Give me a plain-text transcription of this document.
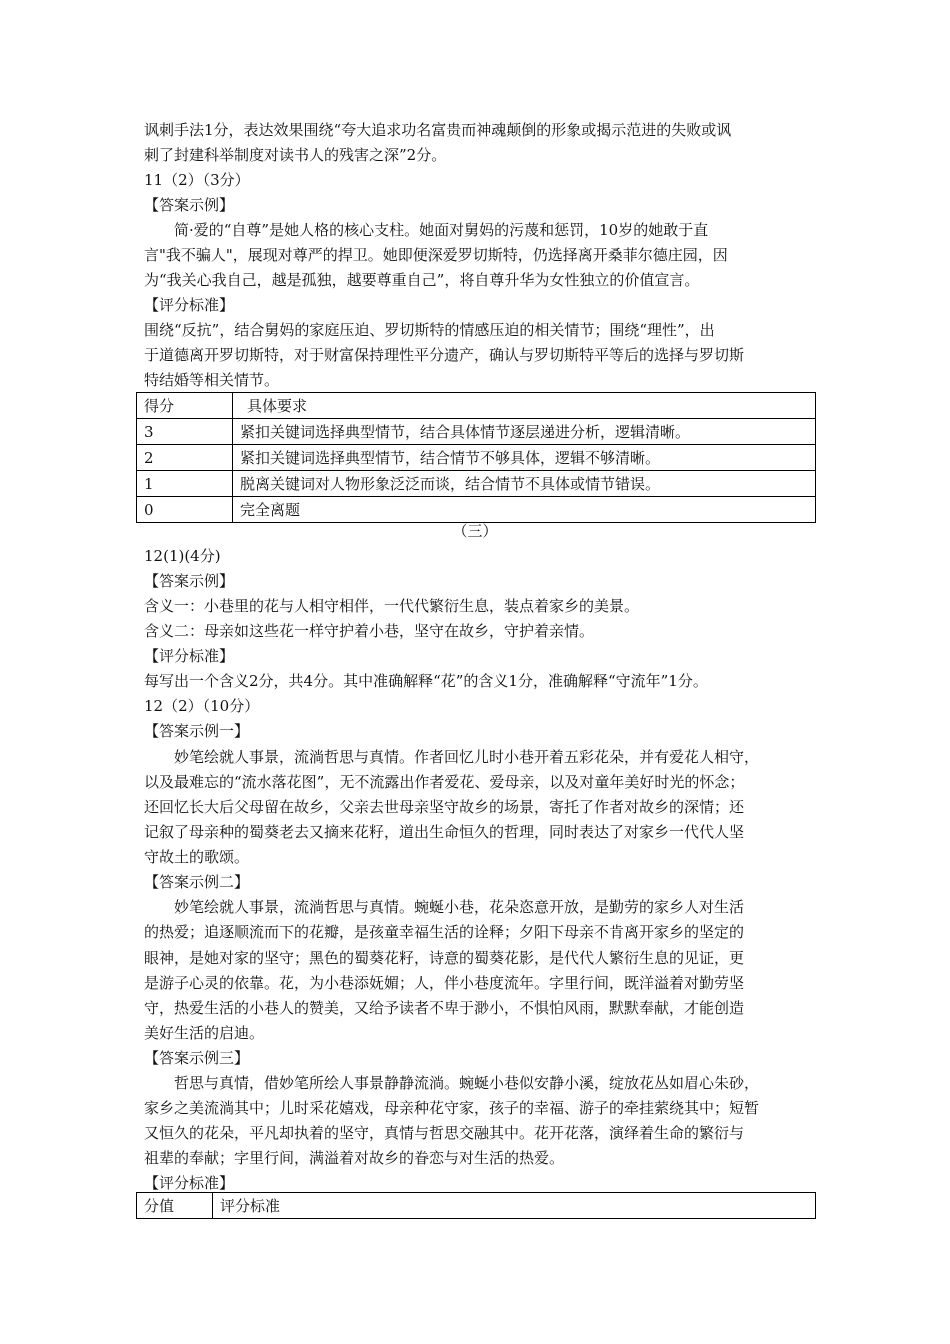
讽刺手法1分，表达效果围绕“夸大追求功名富贵而神魂颠倒的形象或揭示范进的失败或讽
刺了封建科举制度对读书人的残害之深”2分。
11（2）（3分）
【答案示例】
简·爱的“自尊”是她人格的核心支柱。她面对舅妈的污蔑和惩罚，10岁的她敢于直
言"我不骗人"，展现对尊严的捍卫。她即便深爱罗切斯特，仍选择离开桑菲尔德庄园，因
为“我关心我自己，越是孤独，越要尊重自己”，将自尊升华为女性独立的价值宣言。
【评分标准】
围绕“反抗”，结合舅妈的家庭压迫、罗切斯特的情感压迫的相关情节；围绕“理性”，出
于道德离开罗切斯特，对于财富保持理性平分遗产，确认与罗切斯特平等后的选择与罗切斯
特结婚等相关情节。
得分	具体要求
3	紧扣关键词选择典型情节，结合具体情节逐层递进分析，逻辑清晰。
2	紧扣关键词选择典型情节，结合情节不够具体，逻辑不够清晰。
1	脱离关键词对人物形象泛泛而谈，结合情节不具体或情节错误。
0	完全离题
（三）
12(1)(4分)
【答案示例】
含义一：小巷里的花与人相守相伴，一代代繁衍生息，装点着家乡的美景。
含义二：母亲如这些花一样守护着小巷，坚守在故乡，守护着亲情。
【评分标准】
每写出一个含义2分，共4分。其中准确解释“花”的含义1分，准确解释“守流年”1分。
12（2）（10分）
【答案示例一】
妙笔绘就人事景，流淌哲思与真情。作者回忆儿时小巷开着五彩花朵，并有爱花人相守，
以及最难忘的“流水落花图”，无不流露出作者爱花、爱母亲，以及对童年美好时光的怀念；
还回忆长大后父母留在故乡，父亲去世母亲坚守故乡的场景，寄托了作者对故乡的深情；还
记叙了母亲种的蜀葵老去又摘来花籽，道出生命恒久的哲理，同时表达了对家乡一代代人坚
守故土的歌颂。
【答案示例二】
妙笔绘就人事景，流淌哲思与真情。蜿蜒小巷，花朵恣意开放，是勤劳的家乡人对生活
的热爱；追逐顺流而下的花瓣，是孩童幸福生活的诠释；夕阳下母亲不肯离开家乡的坚定的
眼神，是她对家的坚守；黑色的蜀葵花籽，诗意的蜀葵花影，是代代人繁衍生息的见证，更
是游子心灵的依靠。花，为小巷添妩媚；人，伴小巷度流年。字里行间，既洋溢着对勤劳坚
守，热爱生活的小巷人的赞美，又给予读者不卑于渺小，不惧怕风雨，默默奉献，才能创造
美好生活的启迪。
【答案示例三】
哲思与真情，借妙笔所绘人事景静静流淌。蜿蜒小巷似安静小溪，绽放花丛如眉心朱砂，
家乡之美流淌其中；儿时采花嬉戏，母亲种花守家，孩子的幸福、游子的牵挂萦绕其中；短暂
又恒久的花朵，平凡却执着的坚守，真情与哲思交融其中。花开花落，演绎着生命的繁衍与
祖辈的奉献；字里行间，满溢着对故乡的眷恋与对生活的热爱。
【评分标准】
分值	评分标准
